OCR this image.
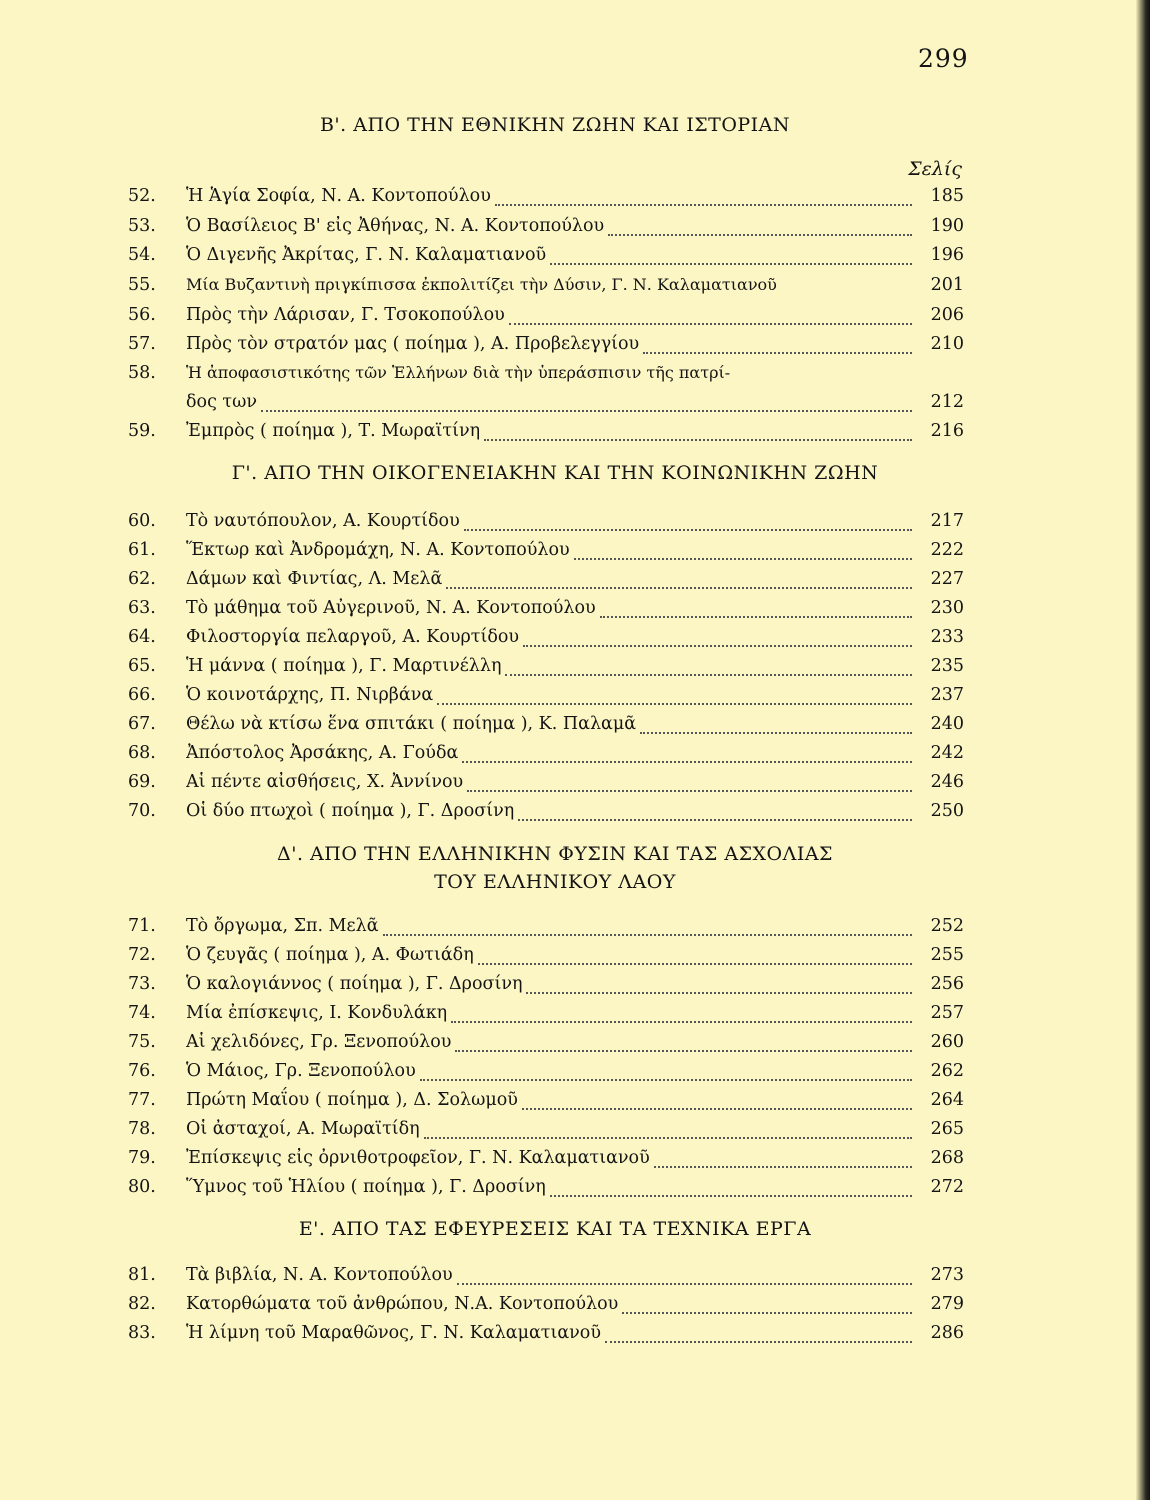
299
Β'. ΑΠΟ ΤΗΝ ΕΘΝΙΚΗΝ ΖΩΗΝ ΚΑΙ ΙΣΤΟΡΙΑΝ
Σελίς
52.	Ἡ Ἁγία Σοφία, Ν. Α. Κοντοπούλου	185
53.	Ὁ Βασίλειος Β' εἰς Ἀθήνας, Ν. Α. Κοντοπούλου	190
54.	Ὁ Διγενῆς Ἀκρίτας, Γ. Ν. Καλαματιανοῦ	196
55.	Μία Βυζαντινὴ πριγκίπισσα ἐκπολιτίζει τὴν Δύσιν, Γ. Ν. Καλαματιανοῦ	201
56.	Πρὸς τὴν Λάρισαν, Γ. Τσοκοπούλου	206
57.	Πρὸς τὸν στρατόν μας ( ποίημα ), Α. Προβελεγγίου	210
58.	Ἡ ἀποφασιστικότης τῶν Ἑλλήνων διὰ τὴν ὑπεράσπισιν τῆς πατρί-
δος των	212
59.	Ἐμπρὸς ( ποίημα ), Τ. Μωραϊτίνη	216
Γ'. ΑΠΟ ΤΗΝ ΟΙΚΟΓΕΝΕΙΑΚΗΝ ΚΑΙ ΤΗΝ ΚΟΙΝΩΝΙΚΗΝ ΖΩΗΝ
60.	Τὸ ναυτόπουλον, Α. Κουρτίδου	217
61.	Ἕκτωρ καὶ Ἀνδρομάχη, Ν. Α. Κοντοπούλου	222
62.	Δάμων καὶ Φιντίας, Λ. Μελᾶ	227
63.	Τὸ μάθημα τοῦ Αὐγερινοῦ, Ν. Α. Κοντοπούλου	230
64.	Φιλοστοργία πελαργοῦ, Α. Κουρτίδου	233
65.	Ἡ μάννα ( ποίημα ), Γ. Μαρτινέλλη	235
66.	Ὁ κοινοτάρχης, Π. Νιρβάνα	237
67.	Θέλω νὰ κτίσω ἕνα σπιτάκι ( ποίημα ), Κ. Παλαμᾶ	240
68.	Ἀπόστολος Ἀρσάκης, Α. Γούδα	242
69.	Αἱ πέντε αἰσθήσεις, Χ. Ἀννίνου	246
70.	Οἱ δύο πτωχοὶ ( ποίημα ), Γ. Δροσίνη	250
Δ'. ΑΠΟ ΤΗΝ ΕΛΛΗΝΙΚΗΝ ΦΥΣΙΝ ΚΑΙ ΤΑΣ ΑΣΧΟΛΙΑΣ
ΤΟΥ ΕΛΛΗΝΙΚΟΥ ΛΑΟΥ
71.	Τὸ ὄργωμα, Σπ. Μελᾶ	252
72.	Ὁ ζευγᾶς ( ποίημα ), Α. Φωτιάδη	255
73.	Ὁ καλογιάννος ( ποίημα ), Γ. Δροσίνη	256
74.	Μία ἐπίσκεψις, Ι. Κονδυλάκη	257
75.	Αἱ χελιδόνες, Γρ. Ξενοπούλου	260
76.	Ὁ Μάιος, Γρ. Ξενοπούλου	262
77.	Πρώτη Μαΐου ( ποίημα ), Δ. Σολωμοῦ	264
78.	Οἱ ἀσταχοί, Α. Μωραϊτίδη	265
79.	Ἐπίσκεψις εἰς ὀρνιθοτροφεῖον, Γ. Ν. Καλαματιανοῦ	268
80.	Ὕμνος τοῦ Ἡλίου ( ποίημα ), Γ. Δροσίνη	272
Ε'. ΑΠΟ ΤΑΣ ΕΦΕΥΡΕΣΕΙΣ ΚΑΙ ΤΑ ΤΕΧΝΙΚΑ ΕΡΓΑ
81.	Τὰ βιβλία, Ν. Α. Κοντοπούλου	273
82.	Κατορθώματα τοῦ ἀνθρώπου, Ν.Α. Κοντοπούλου	279
83.	Ἡ λίμνη τοῦ Μαραθῶνος, Γ. Ν. Καλαματιανοῦ	286
